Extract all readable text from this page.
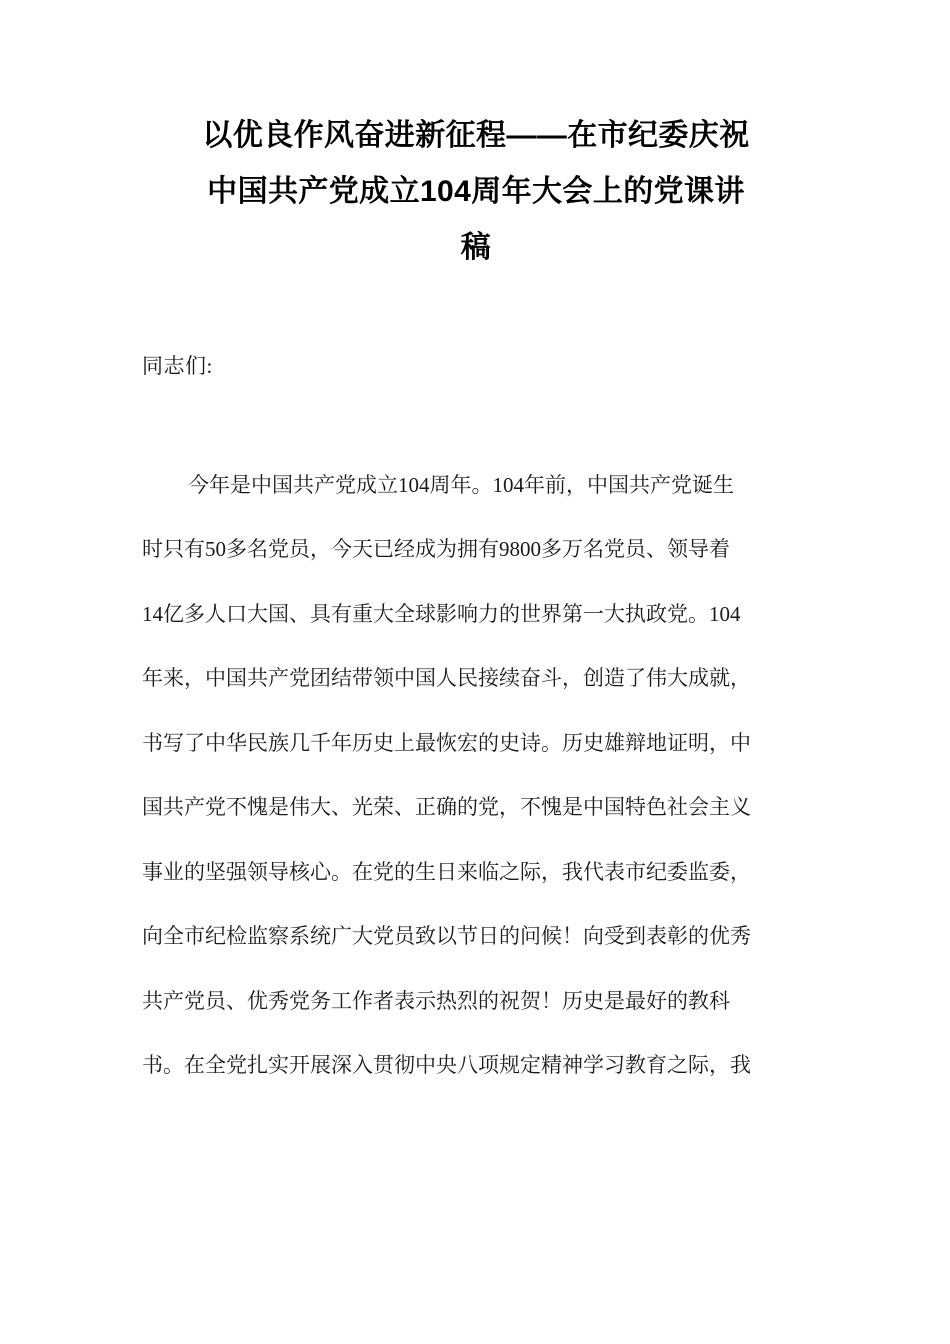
以优良作风奋进新征程——在市纪委庆祝
中国共产党成立104周年大会上的党课讲
稿
同志们:
今年是中国共产党成立104周年。104年前，中国共产党诞生
时只有50多名党员，今天已经成为拥有9800多万名党员、领导着
14亿多人口大国、具有重大全球影响力的世界第一大执政党。104
年来，中国共产党团结带领中国人民接续奋斗，创造了伟大成就，
书写了中华民族几千年历史上最恢宏的史诗。历史雄辩地证明，中
国共产党不愧是伟大、光荣、正确的党，不愧是中国特色社会主义
事业的坚强领导核心。在党的生日来临之际，我代表市纪委监委，
向全市纪检监察系统广大党员致以节日的问候！向受到表彰的优秀
共产党员、优秀党务工作者表示热烈的祝贺！历史是最好的教科
书。在全党扎实开展深入贯彻中央八项规定精神学习教育之际，我
